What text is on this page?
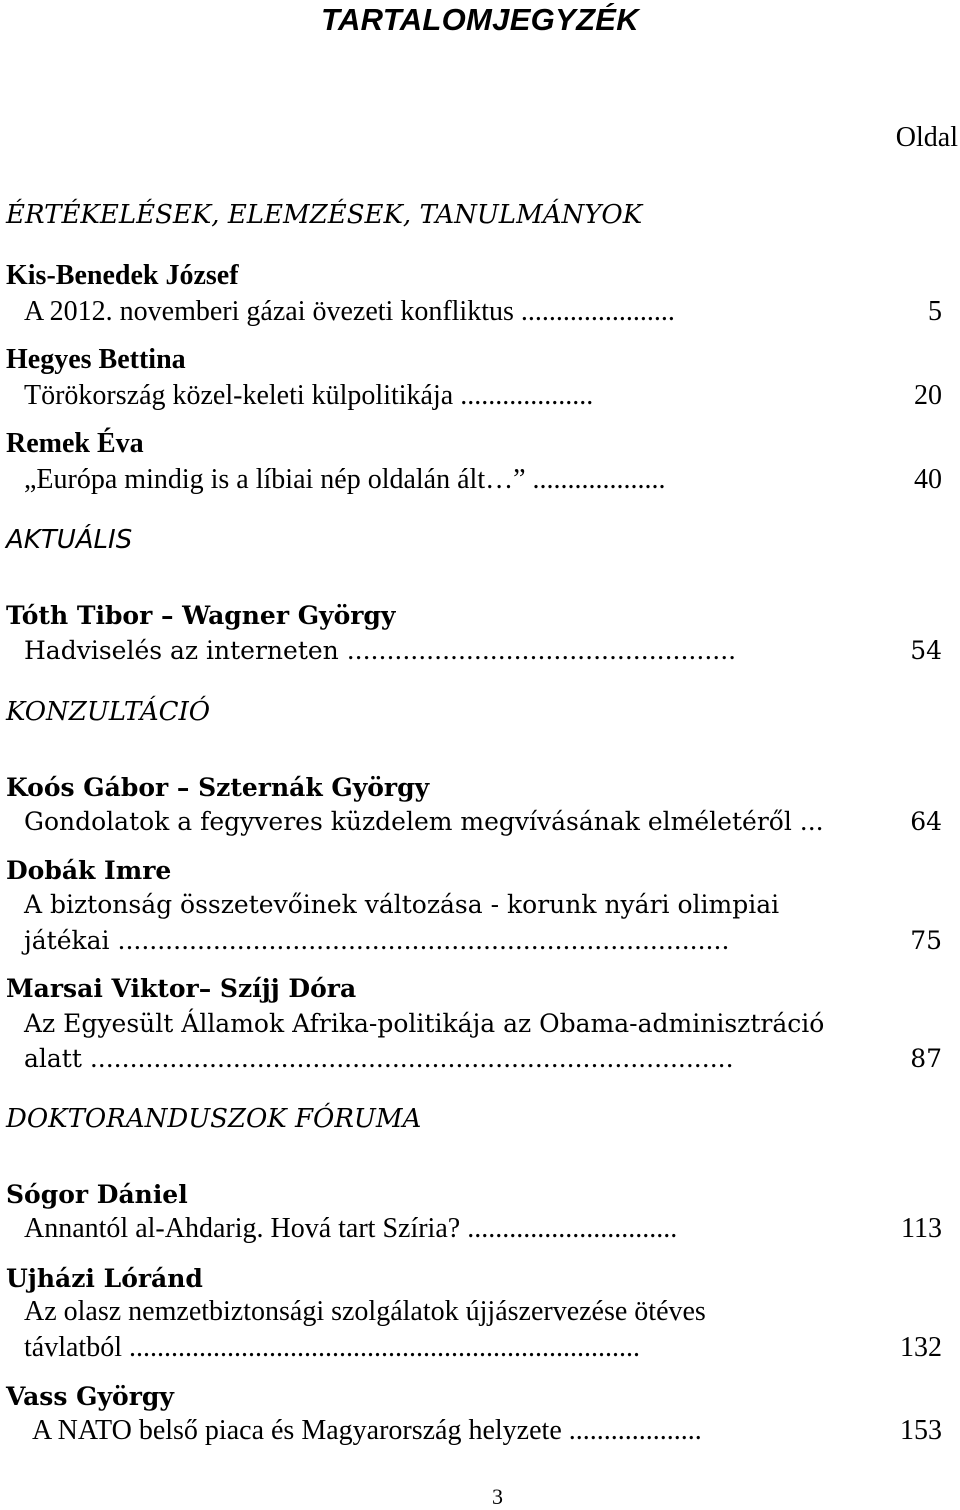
TARTALOMJEGYZÉK
Oldal
ÉRTÉKELÉSEK, ELEMZÉSEK, TANULMÁNYOK
Kis-Benedek József
A 2012. novemberi gázai övezeti konfliktus ......................	5
Hegyes Bettina
Törökország közel-keleti külpolitikája ...................	20
Remek Éva
„Európa mindig is a líbiai nép oldalán ált…” ...................	40
AKTUÁLIS
Tóth Tibor – Wagner György
Hadviselés az interneten .................................................	54
KONZULTÁCIÓ
Koós Gábor – Szternák György
Gondolatok a fegyveres küzdelem megvívásának elméletéről ...	64
Dobák Imre
A biztonság összetevőinek változása - korunk nyári olimpiai
játékai .............................................................................	75
Marsai Viktor– Szíjj Dóra
Az Egyesült Államok Afrika-politikája az Obama-adminisztráció
alatt .................................................................................	87
DOKTORANDUSZOK FÓRUMA
Sógor Dániel
Annantól al-Ahdarig. Hová tart Szíria? ..............................	113
Ujházi Lóránd
Az olasz nemzetbiztonsági szolgálatok újjászervezése ötéves
távlatból .........................................................................	132
Vass György
A NATO belső piaca és Magyarország helyzete ...................	153
3
